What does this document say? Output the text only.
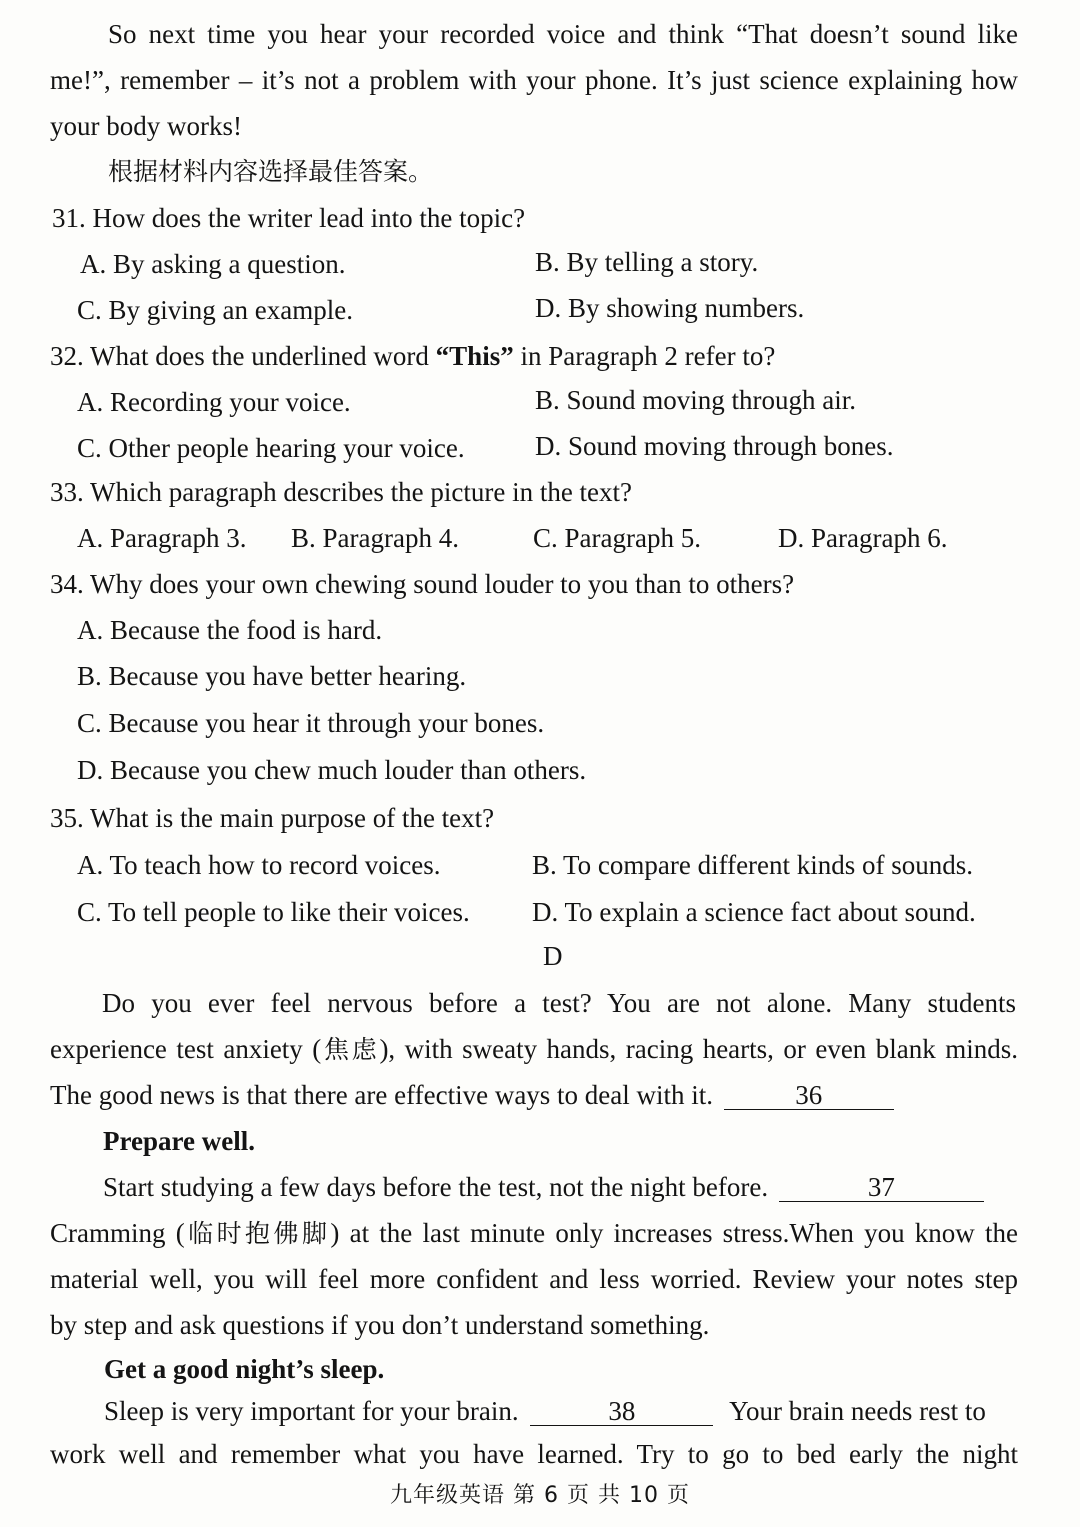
So next time you hear your recorded voice and think “That doesn’t sound like
me!”, remember – it’s not a problem with your phone. It’s just science explaining how
your body works!
根据材料内容选择最佳答案。
31. How does the writer lead into the topic?
A. By asking a question.	B. By telling a story.
C. By giving an example.	D. By showing numbers.
32. What does the underlined word “This” in Paragraph 2 refer to?
A. Recording your voice.	B. Sound moving through air.
C. Other people hearing your voice.	D. Sound moving through bones.
33. Which paragraph describes the picture in the text?
A. Paragraph 3. B. Paragraph 4.	C. Paragraph 5.	D. Paragraph 6.
34. Why does your own chewing sound louder to you than to others?
A. Because the food is hard.
B. Because you have better hearing.
C. Because you hear it through your bones.
D. Because you chew much louder than others.
35. What is the main purpose of the text?
A. To teach how to record voices.	B. To compare different kinds of sounds.
C. To tell people to like their voices. D. To explain a science fact about sound.
D
Do you ever feel nervous before a test? You are not alone. Many students
experience test anxiety (焦虑), with sweaty hands, racing hearts, or even blank minds.
The good news is that there are effective ways to deal with it.	36
Prepare well.
Start studying a few days before the test, not the night before.	37
Cramming (临时抱佛脚) at the last minute only increases stress.When you know the
material well, you will feel more confident and less worried. Review your notes step
by step and ask questions if you don’t understand something.
Get a good night’s sleep.
Sleep is very important for your brain.	38	Your brain needs rest to
work well and remember what you have learned. Try to go to bed early the night
九年级英语 第 6 页 共 10 页
